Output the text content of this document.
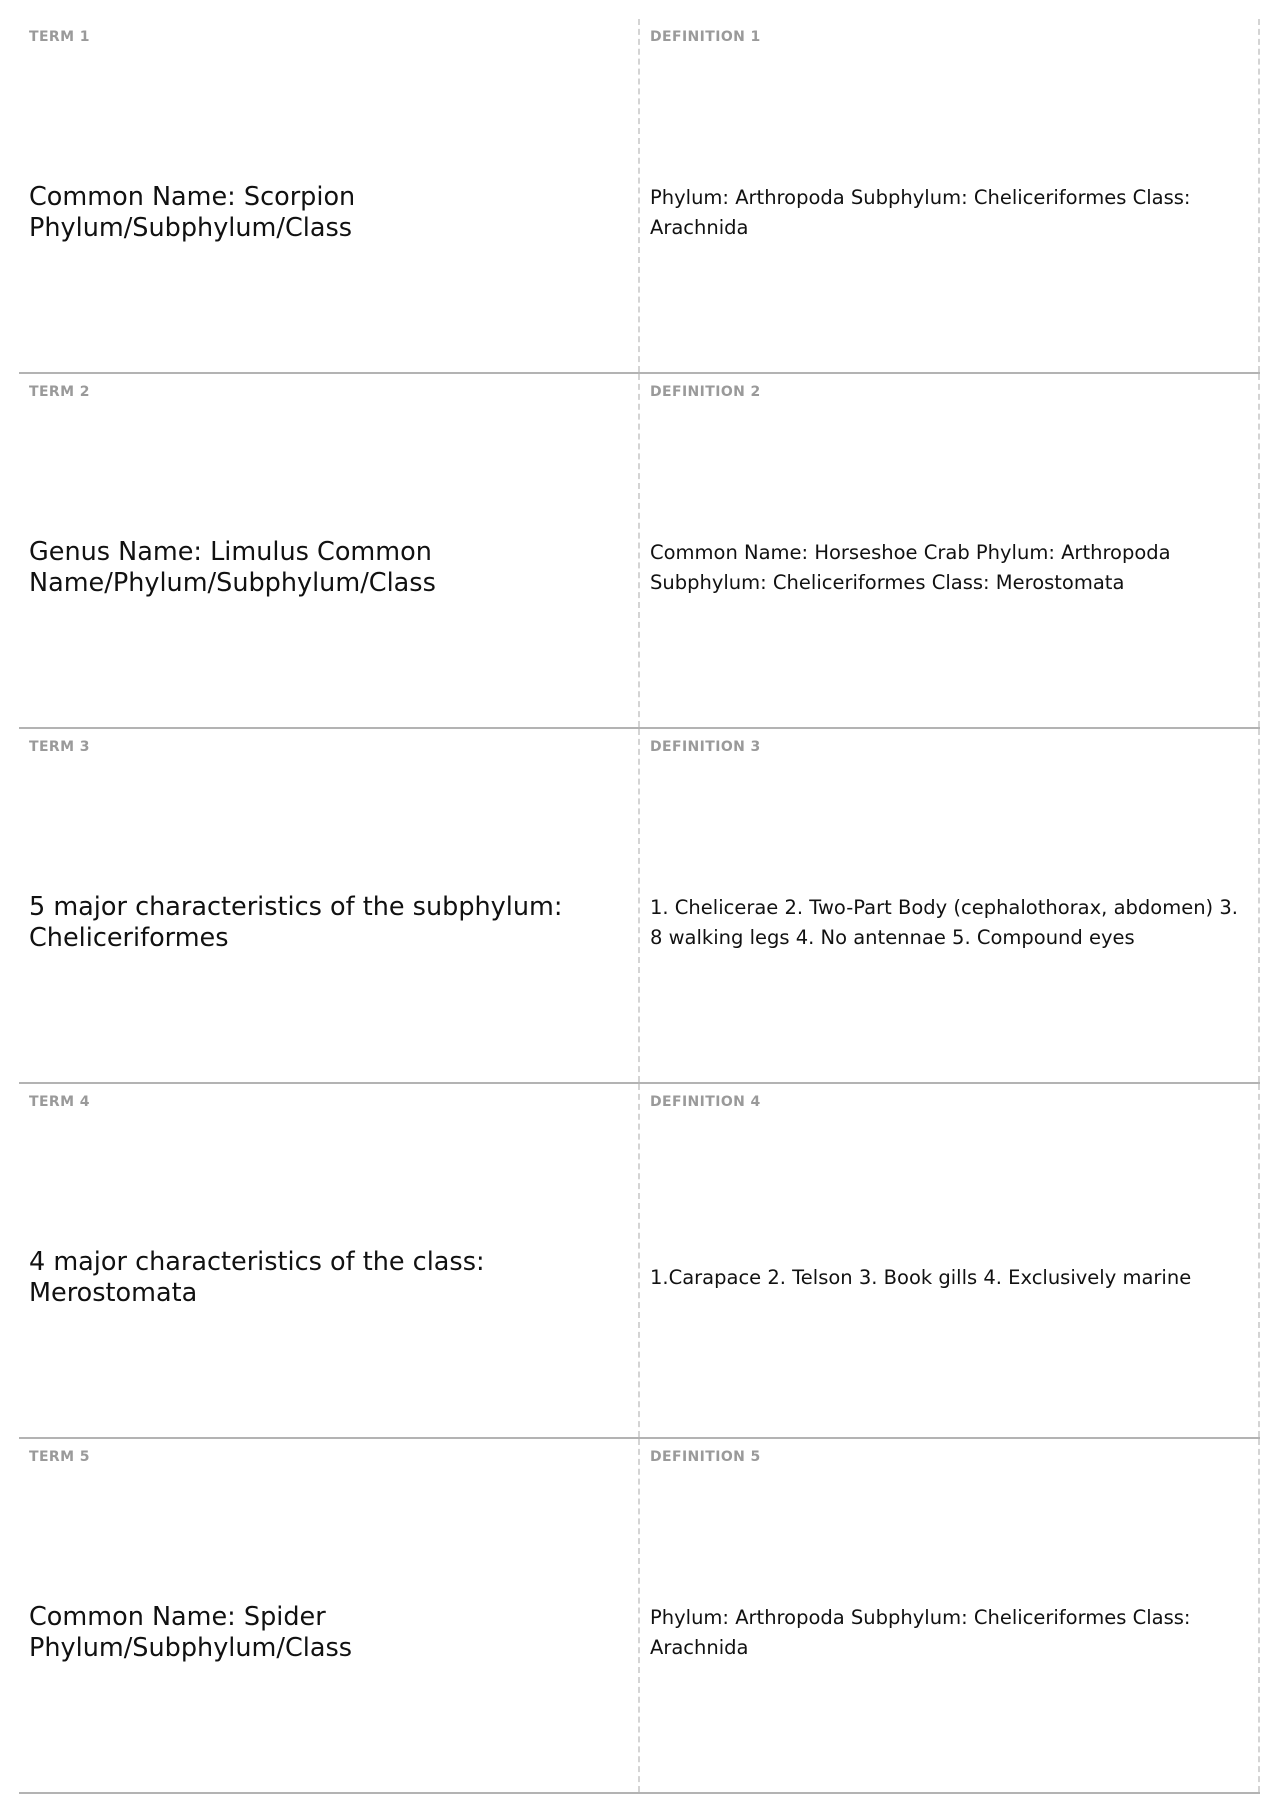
TERM 1
Common Name: Scorpion Phylum/Subphylum/Class
DEFINITION 1
Phylum: Arthropoda Subphylum: Cheliceriformes Class: Arachnida
TERM 2
Genus Name: Limulus Common Name/Phylum/Subphylum/Class
DEFINITION 2
Common Name: Horseshoe Crab Phylum: Arthropoda Subphylum: Cheliceriformes Class: Merostomata
TERM 3
5 major characteristics of the subphylum: Cheliceriformes
DEFINITION 3
1. Chelicerae 2. Two-Part Body (cephalothorax, abdomen) 3. 8 walking legs 4. No antennae 5. Compound eyes
TERM 4
4 major characteristics of the class: Merostomata
DEFINITION 4
1.Carapace 2. Telson 3. Book gills 4. Exclusively marine
TERM 5
Common Name: Spider Phylum/Subphylum/Class
DEFINITION 5
Phylum: Arthropoda Subphylum: Cheliceriformes Class: Arachnida
